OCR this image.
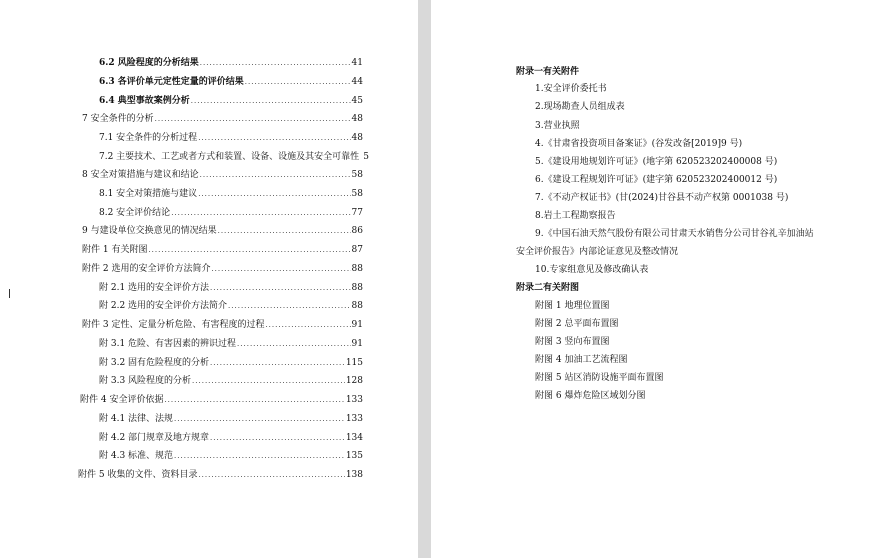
6.2 风险程度的分析结果 .....	41
6.3 各评价单元定性定量的评价结果 .....	44
6.4 典型事故案例分析 .....	45
7 安全条件的分析 .....	48
7.1 安全条件的分析过程 .....	48
7.2 主要技术、工艺或者方式和装置、设备、设施及其安全可靠性 5
8 安全对策措施与建议和结论 .....	58
8.1 安全对策措施与建议 .....	58
8.2 安全评价结论 .....	77
9 与建设单位交换意见的情况结果 .....	86
附件 1 有关附图 .....	87
附件 2 选用的安全评价方法简介 .....	88
附 2.1 选用的安全评价方法 .....	88
附 2.2 选用的安全评价方法简介 .....	88
附件 3 定性、定量分析危险、有害程度的过程 .....	91
附 3.1 危险、有害因素的辨识过程 .....	91
附 3.2 固有危险程度的分析 .....	115
附 3.3 风险程度的分析 .....	128
附件 4 安全评价依据 .....	133
附 4.1 法律、法规 .....	133
附 4.2 部门规章及地方规章 .....	134
附 4.3 标准、规范 .....	135
附件 5 收集的文件、资料目录 .....	138
附录一有关附件
1.安全评价委托书
2.现场勘查人员组成表
3.营业执照
4.《甘肃省投资项目备案证》(谷发改备[2019]9 号)
5.《建设用地规划许可证》(地字第 620523202400008 号)
6.《建设工程规划许可证》(建字第 620523202400012 号)
7.《不动产权证书》(甘(2024)甘谷县不动产权第 0001038 号)
8.岩土工程勘察报告
9.《中国石油天然气股份有限公司甘肃天水销售分公司甘谷礼辛加油站
安全评价报告》内部论证意见及整改情况
10.专家组意见及修改确认表
附录二有关附图
附图 1 地理位置图
附图 2 总平面布置图
附图 3 竖向布置图
附图 4 加油工艺流程图
附图 5 站区消防设施平面布置图
附图 6 爆炸危险区域划分图
